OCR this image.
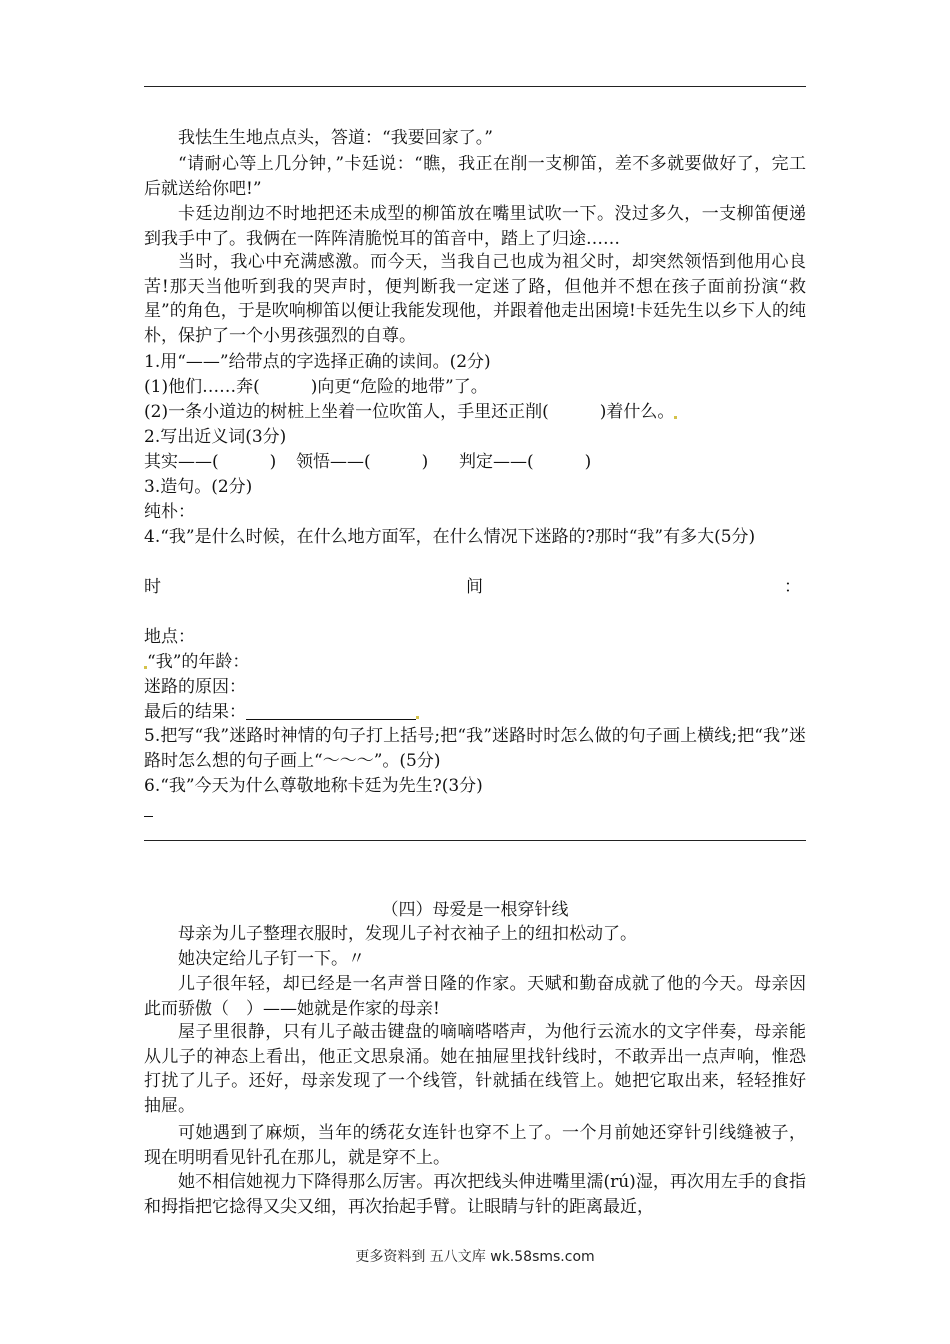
我怯生生地点点头，答道：“我要回家了。”

“请耐心等上几分钟，”卡廷说：“瞧，我正在削一支柳笛，差不多就要做好了，完工后就送给你吧!”

卡廷边削边不时地把还未成型的柳笛放在嘴里试吹一下。没过多久，一支柳笛便递到我手中了。我俩在一阵阵清脆悦耳的笛音中，踏上了归途……

当时，我心中充满感激。而今天，当我自己也成为祖父时，却突然领悟到他用心良苦!那天当他听到我的哭声时，便判断我一定迷了路，但他并不想在孩子面前扮演“救星”的角色，于是吹响柳笛以便让我能发现他，并跟着他走出困境!卡廷先生以乡下人的纯朴，保护了一个小男孩强烈的自尊。

1.用“——”给带点的字选择正确的读间。(2分)

(1)他们……奔(　　　)向更“危险的地带”了。

(2)一条小道边的树桩上坐着一位吹笛人，手里还正削(　　　)着什么。

2.写出近义词(3分)

其实——(　　　) 领悟——(　　　) 判定——(　　　)

3.造句。(2分)

纯朴：

4.“我”是什么时候，在什么地方面军，在什么情况下迷路的?那时“我”有多大(5分)

时	间	：

地点：

“我”的年龄：

迷路的原因：

最后的结果：

5.把写“我”迷路时神情的句子打上括号;把“我”迷路时时怎么做的句子画上横线;把“我”迷路时怎么想的句子画上“～～～”。(5分)

6.“我”今天为什么尊敬地称卡廷为先生?(3分)

（四）母爱是一根穿针线

母亲为儿子整理衣服时，发现儿子衬衣袖子上的纽扣松动了。

她决定给儿子钉一下。〃

儿子很年轻，却已经是一名声誉日隆的作家。天赋和勤奋成就了他的今天。母亲因此而骄傲（　）——她就是作家的母亲!

屋子里很静，只有儿子敲击键盘的嘀嘀嗒嗒声，为他行云流水的文字伴奏，母亲能从儿子的神态上看出，他正文思泉涌。她在抽屉里找针线时，不敢弄出一点声响，惟恐打扰了儿子。还好，母亲发现了一个线管，针就插在线管上。她把它取出来，轻轻推好抽屉。

可她遇到了麻烦，当年的绣花女连针也穿不上了。一个月前她还穿针引线缝被子，现在明明看见针孔在那儿，就是穿不上。

她不相信她视力下降得那么厉害。再次把线头伸进嘴里濡(rú)湿，再次用左手的食指和拇指把它捻得又尖又细，再次抬起手臂。让眼睛与针的距离最近，

更多资料到 五八文库 wk.58sms.com
